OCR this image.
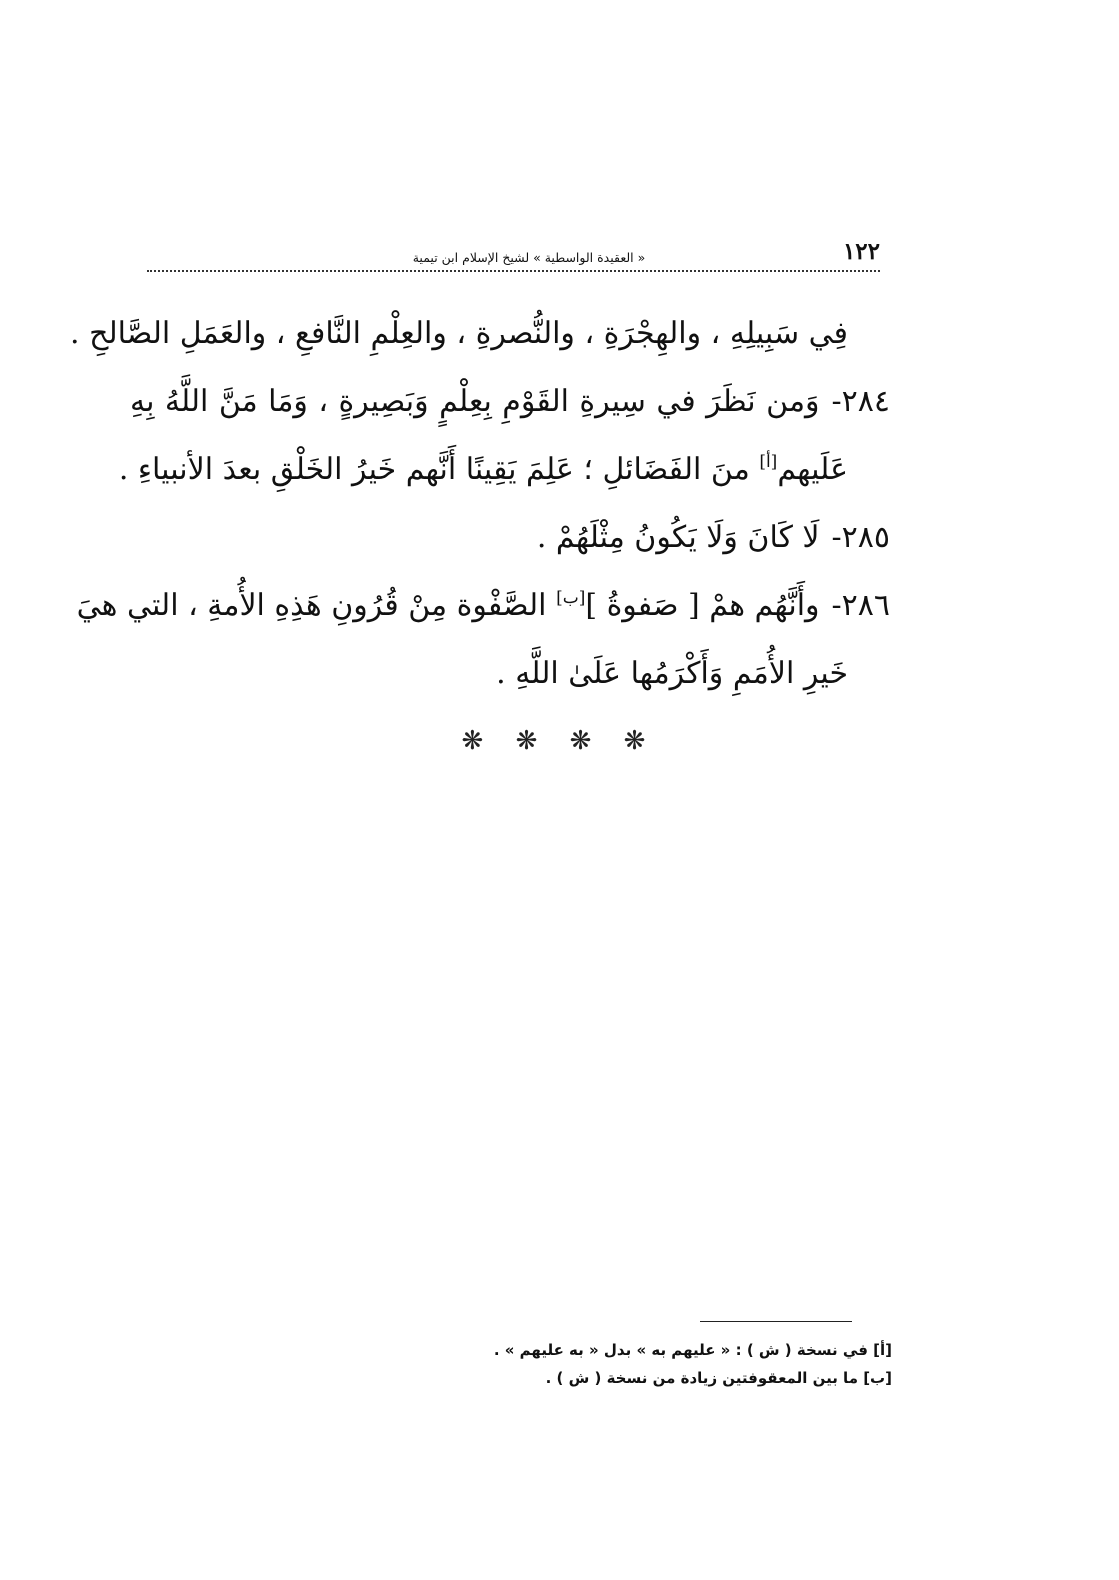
١٢٢
« العقيدة الواسطية » لشيخ الإسلام ابن تيمية
فِي سَبِيلِهِ ، والهِجْرَةِ ، والنُّصرةِ ، والعِلْمِ النَّافعِ ، والعَمَلِ الصَّالحِ .
٢٨٤-وَمن نَظَرَ في سِيرةِ القَوْمِ بِعِلْمٍ وَبَصِيرةٍ ، وَمَا مَنَّ اللَّهُ بِهِ
عَلَيهم[أ] منَ الفَضَائلِ ؛ عَلِمَ يَقِينًا أَنَّهم خَيرُ الخَلْقِ بعدَ الأنبياءِ .
٢٨٥-لَا كَانَ وَلَا يَكُونُ مِثْلَهُمْ .
٢٨٦-وأَنَّهُم همْ [ صَفوةُ ][ب] الصَّفْوة مِنْ قُرُونِ هَذِهِ الأُمةِ ، التي هيَ
خَيرِ الأُمَمِ وَأَكْرَمُها عَلَىٰ اللَّهِ .
❋ ❋ ❋ ❋
[أ] في نسخة ( ش ) : « عليهم به » بدل « به عليهم » .
[ب] ما بين المعقوفتين زيادة من نسخة ( ش ) .
